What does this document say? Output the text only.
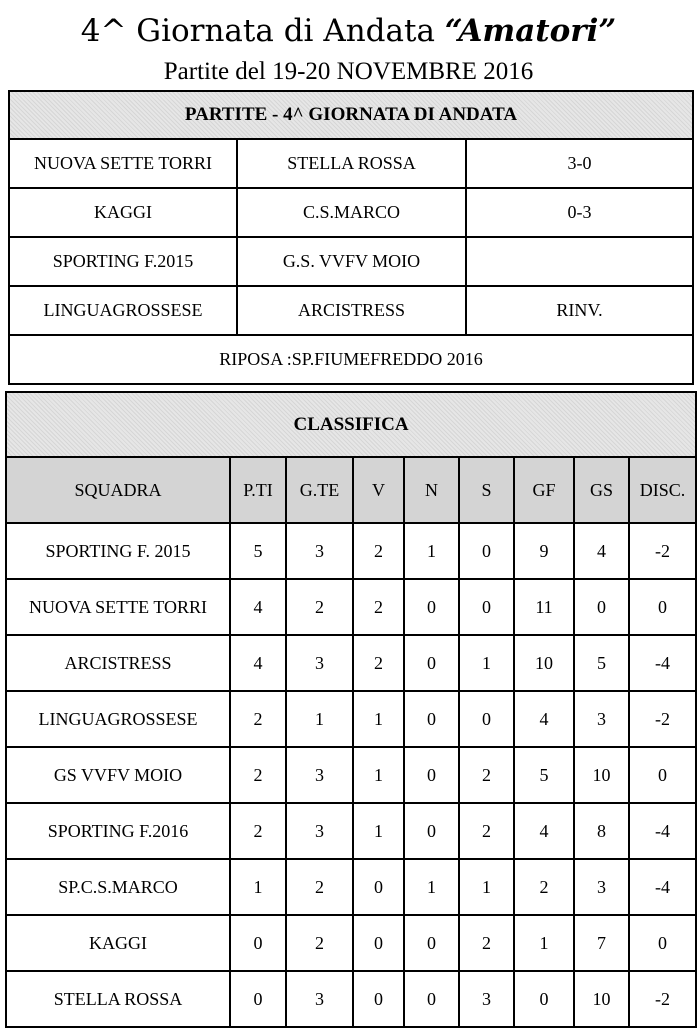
4^ Giornata di Andata “Amatori”
Partite del 19-20 NOVEMBRE 2016
PARTITE - 4^ GIORNATA DI ANDATA		
NUOVA SETTE TORRI	STELLA ROSSA	3-0
KAGGI	C.S.MARCO	0-3
SPORTING F.2015	G.S. VVFV MOIO	
LINGUAGROSSESE	ARCISTRESS	RINV.
RIPOSA :SP.FIUMEFREDDO 2016		
CLASSIFICA								
SQUADRA	P.TI	G.TE	V	N	S	GF	GS	DISC.
SPORTING F. 2015	5	3	2	1	0	9	4	-2
NUOVA SETTE TORRI	4	2	2	0	0	11	0	0
ARCISTRESS	4	3	2	0	1	10	5	-4
LINGUAGROSSESE	2	1	1	0	0	4	3	-2
GS VVFV MOIO	2	3	1	0	2	5	10	0
SPORTING F.2016	2	3	1	0	2	4	8	-4
SP.C.S.MARCO	1	2	0	1	1	2	3	-4
KAGGI	0	2	0	0	2	1	7	0
STELLA ROSSA	0	3	0	0	3	0	10	-2
